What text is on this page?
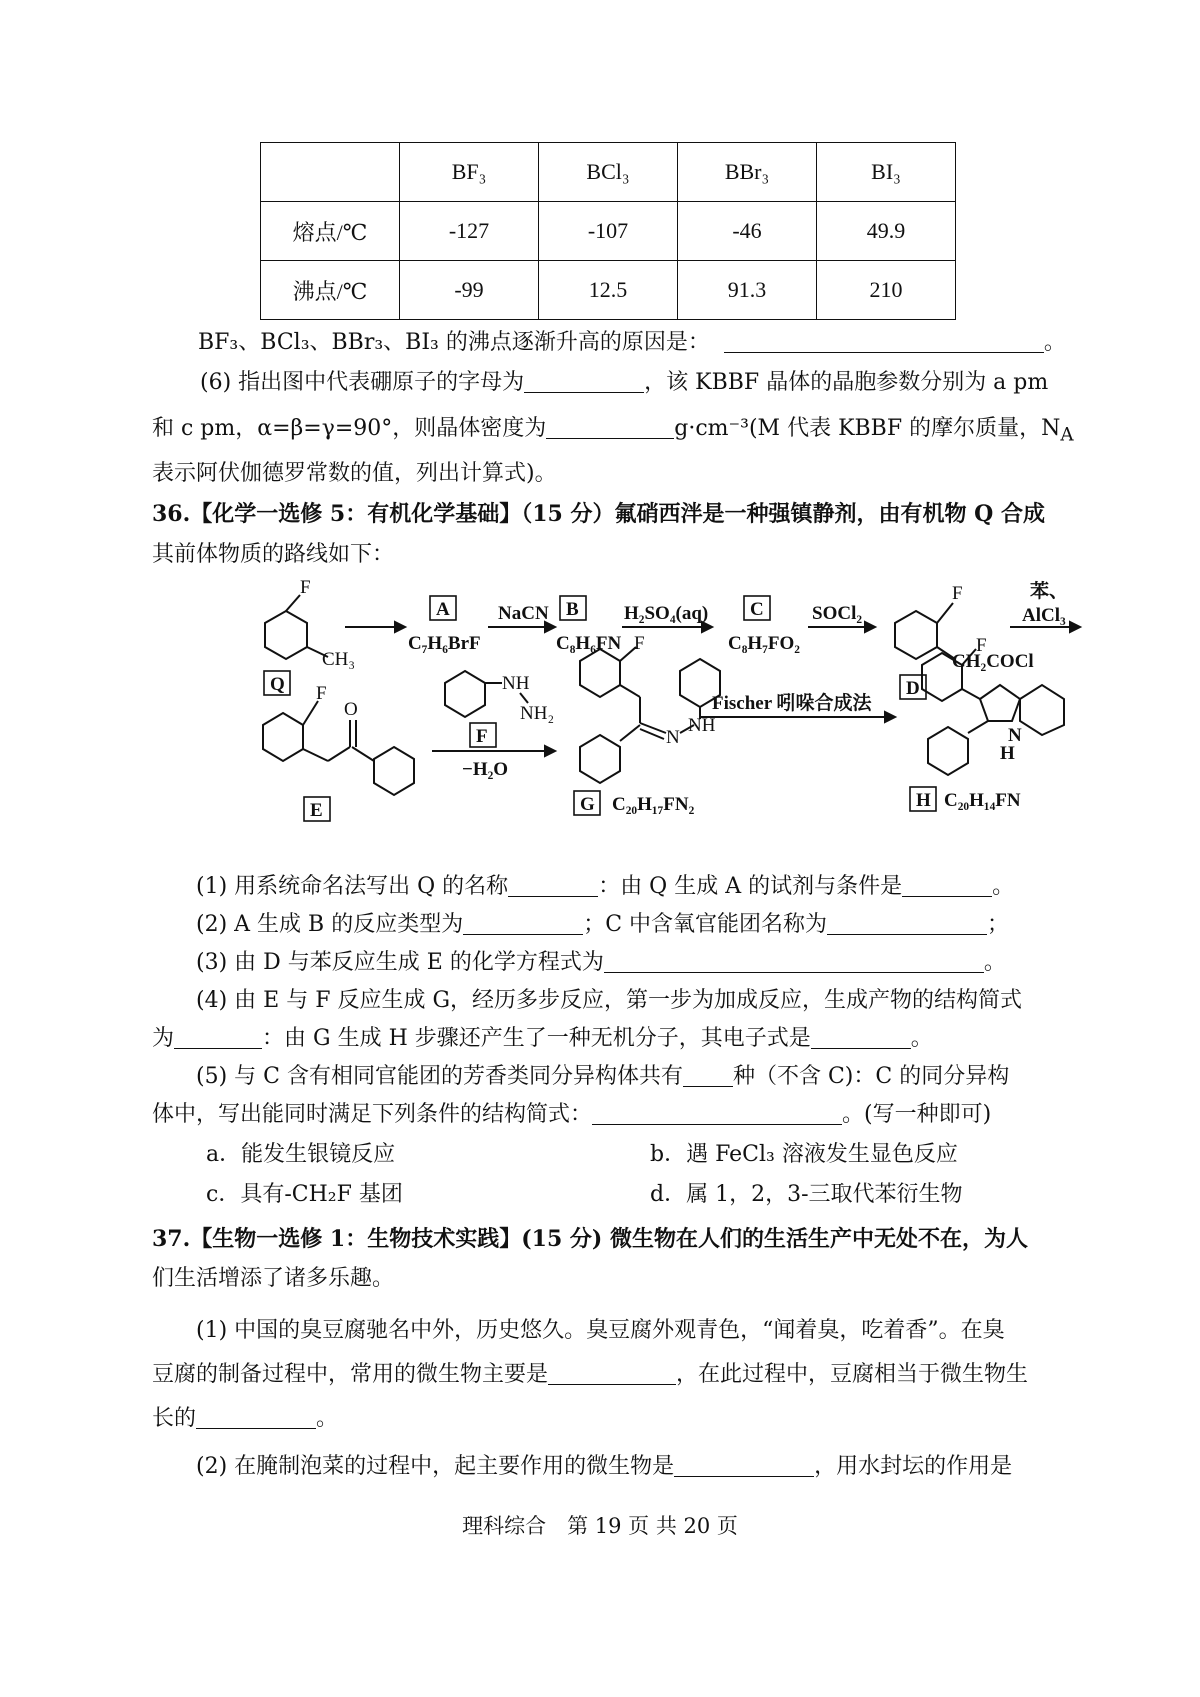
	BF₃	BCl₃	BBr₃	BI₃
熔点/℃	-127	-107	-46	49.9
沸点/℃	-99	12.5	91.3	210
BF₃、BCl₃、BBr₃、BI₃ 的沸点逐渐升高的原因是：	。
(6) 指出图中代表硼原子的字母为	，该 KBBF 晶体的晶胞参数分别为 a pm
和 c pm，α=β=γ=90°，则晶体密度为	g·cm⁻³(M 代表 KBBF 的摩尔质量，$N_A$
表示阿伏伽德罗常数的值，列出计算式)。
36.【化学一选修 5：有机化学基础】（15 分）氟硝西泮是一种强镇静剂，由有机物 Q 合成
其前体物质的路线如下：
F
CH₃
Q
A
C₇H₆BrF
NaCN B
C₈H₆FN
H₂SO₄(aq) C
C₈H₇FO₂
SOCl₂
F
CH₂COCl
D
苯、
AlCl₃
F
O
E
NH
NH₂
F
−H₂O
F
N
NH
G C₂₀H₁₇FN₂
Fischer 吲哚合成法
F
N
H
H C₂₀H₁₄FN
(1) 用系统命名法写出 Q 的名称	：由 Q 生成 A 的试剂与条件是	。
(2) A 生成 B 的反应类型为	；C 中含氧官能团名称为	；
(3) 由 D 与苯反应生成 E 的化学方程式为	。
(4) 由 E 与 F 反应生成 G，经历多步反应，第一步为加成反应，生成产物的结构简式
为	：由 G 生成 H 步骤还产生了一种无机分子，其电子式是	。
(5) 与 C 含有相同官能团的芳香类同分异构体共有 种（不含 C)：C 的同分异构
体中，写出能同时满足下列条件的结构简式：	。(写一种即可)
a．能发生银镜反应	b．遇 FeCl₃ 溶液发生显色反应
c．具有-CH₂F 基团	d．属 1，2，3-三取代苯衍生物
37.【生物一选修 1：生物技术实践】(15 分) 微生物在人们的生活生产中无处不在，为人
们生活增添了诸多乐趣。
(1) 中国的臭豆腐驰名中外，历史悠久。臭豆腐外观青色，“闻着臭，吃着香”。在臭
豆腐的制备过程中，常用的微生物主要是	，在此过程中，豆腐相当于微生物生
长的	。
(2) 在腌制泡菜的过程中，起主要作用的微生物是	，用水封坛的作用是
理科综合　第 19 页 共 20 页
